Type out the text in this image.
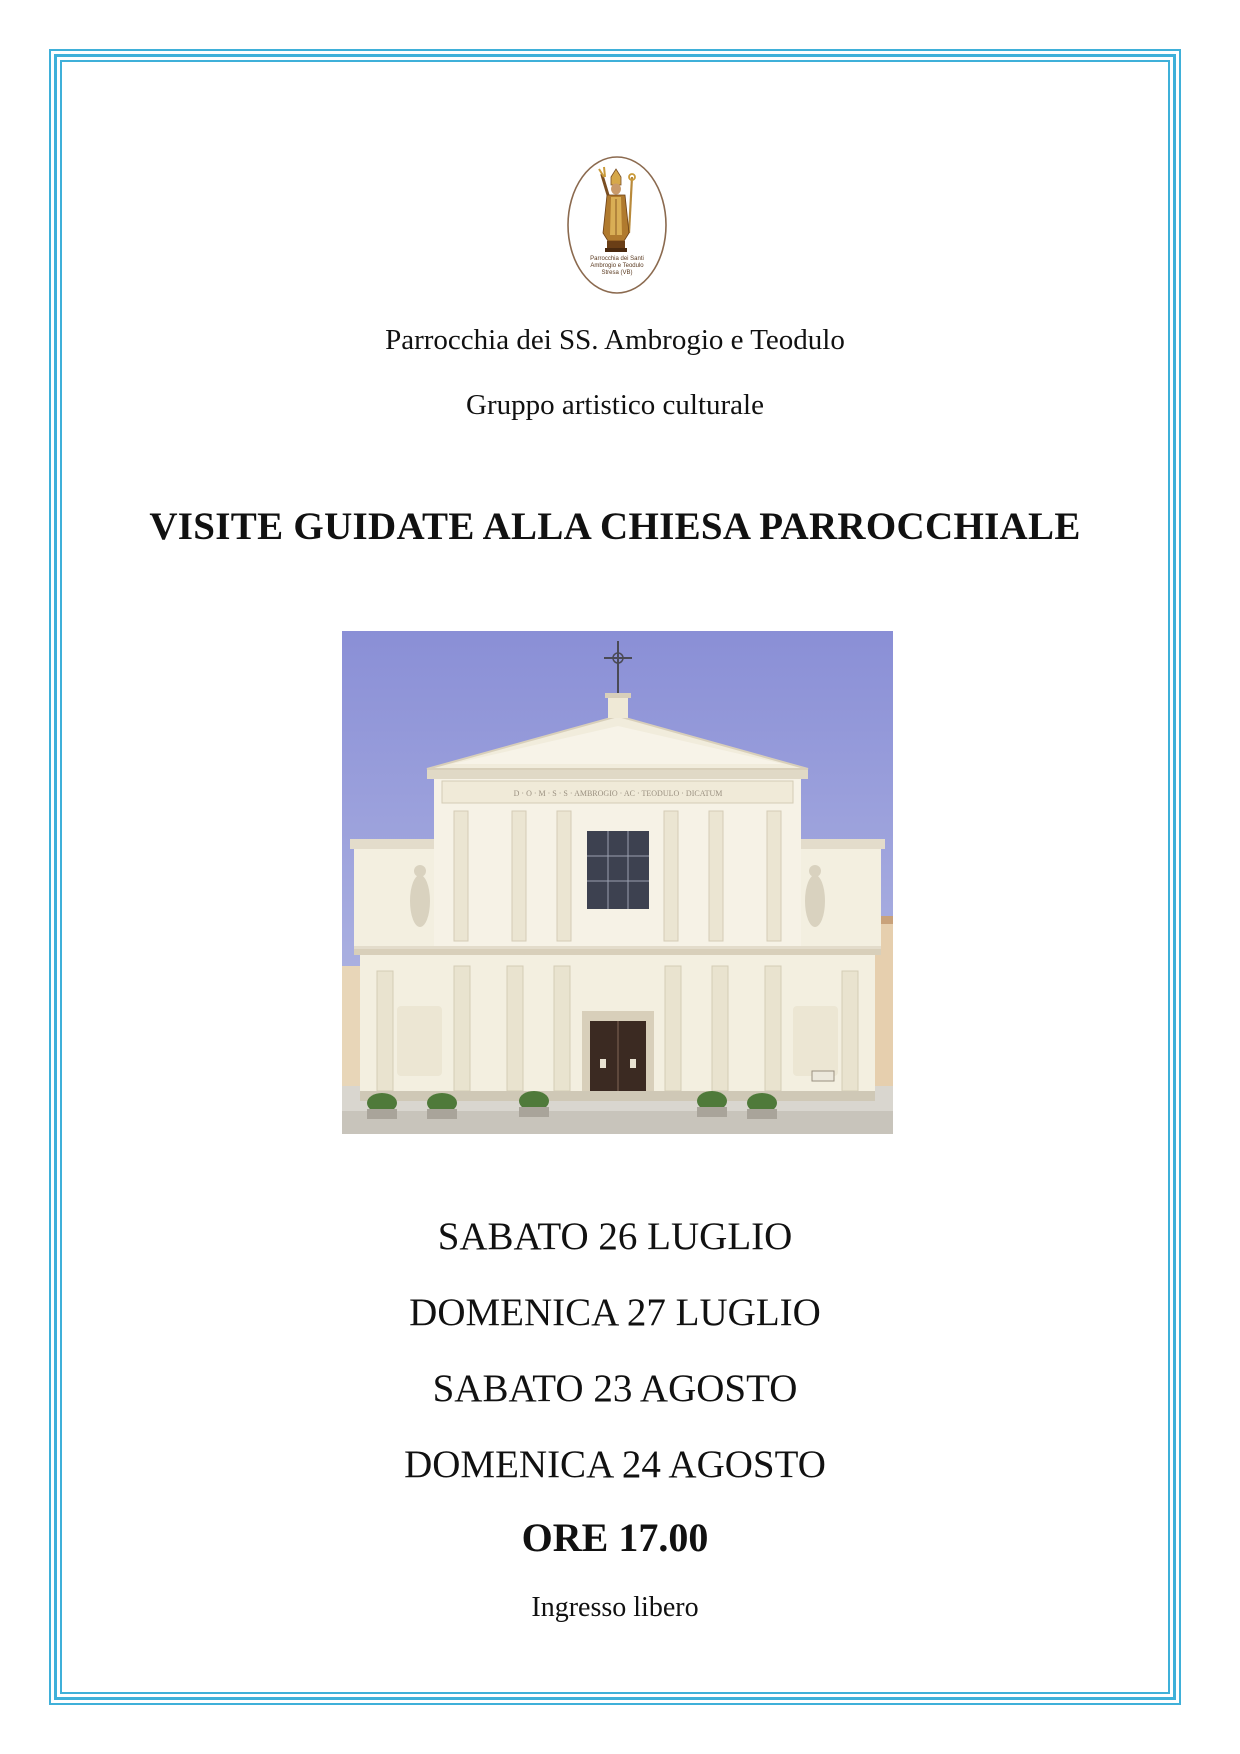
Parrocchia dei Santi
Ambrogio e Teodulo
Stresa (VB)
Parrocchia dei SS. Ambrogio e Teodulo
Gruppo artistico culturale
VISITE GUIDATE ALLA CHIESA PARROCCHIALE
D · O · M · S · S · AMBROGIO · AC · TEODULO · DICATUM
SABATO 26 LUGLIO
DOMENICA 27 LUGLIO
SABATO 23 AGOSTO
DOMENICA 24 AGOSTO
ORE 17.00
Ingresso libero
